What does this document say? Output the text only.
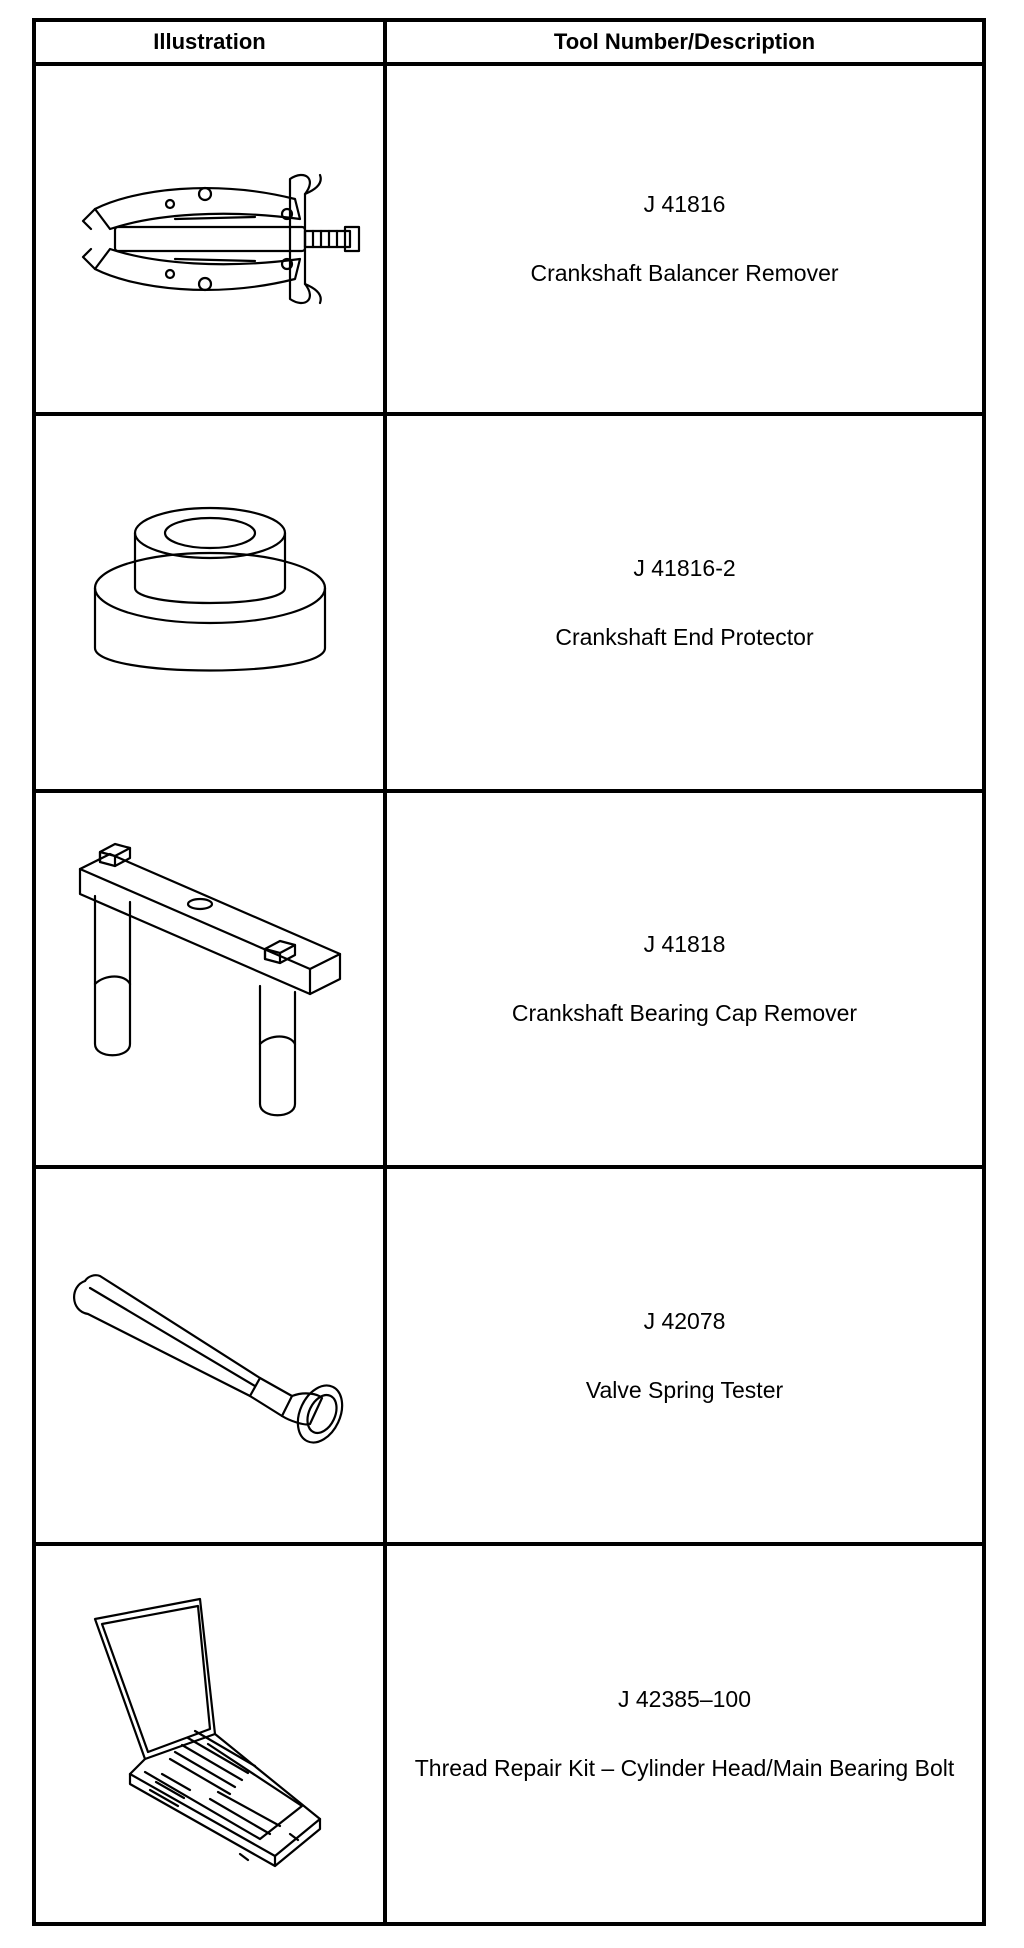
Illustration	Tool Number/Description
J 41816
Crankshaft Balancer Remover
J 41816-2
Crankshaft End Protector
J 41818
Crankshaft Bearing Cap Remover
J 42078
Valve Spring Tester
J 42385–100
Thread Repair Kit – Cylinder Head/Main Bearing Bolt
